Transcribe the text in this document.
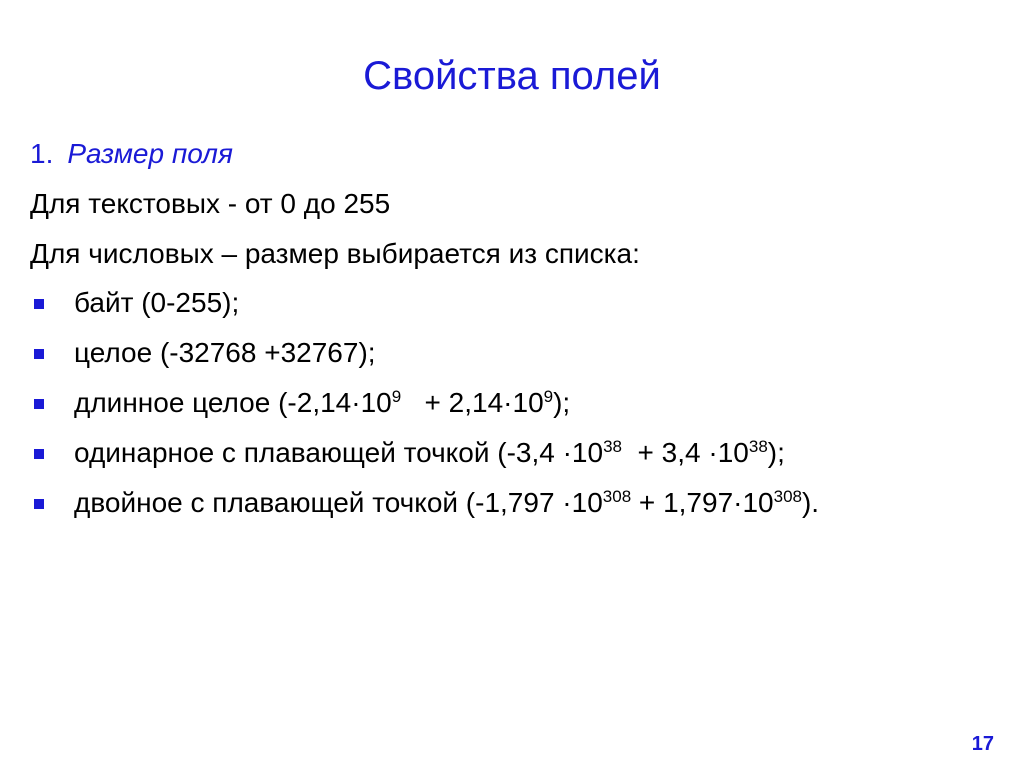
Свойства полей
1. Размер поля
Для текстовых - от 0 до 255
Для числовых – размер выбирается из списка:
байт (0-255);
целое (-32768 +32767);
длинное целое $(-2,14\cdot 10^9 + 2,14\cdot 10^9)$;
одинарное с плавающей точкой $(-3,4 \cdot 10^{38} + 3,4 \cdot 10^{38})$;
двойное с плавающей точкой $(-1,797 \cdot 10^{308} + 1,797\cdot 10^{308})$.
17
